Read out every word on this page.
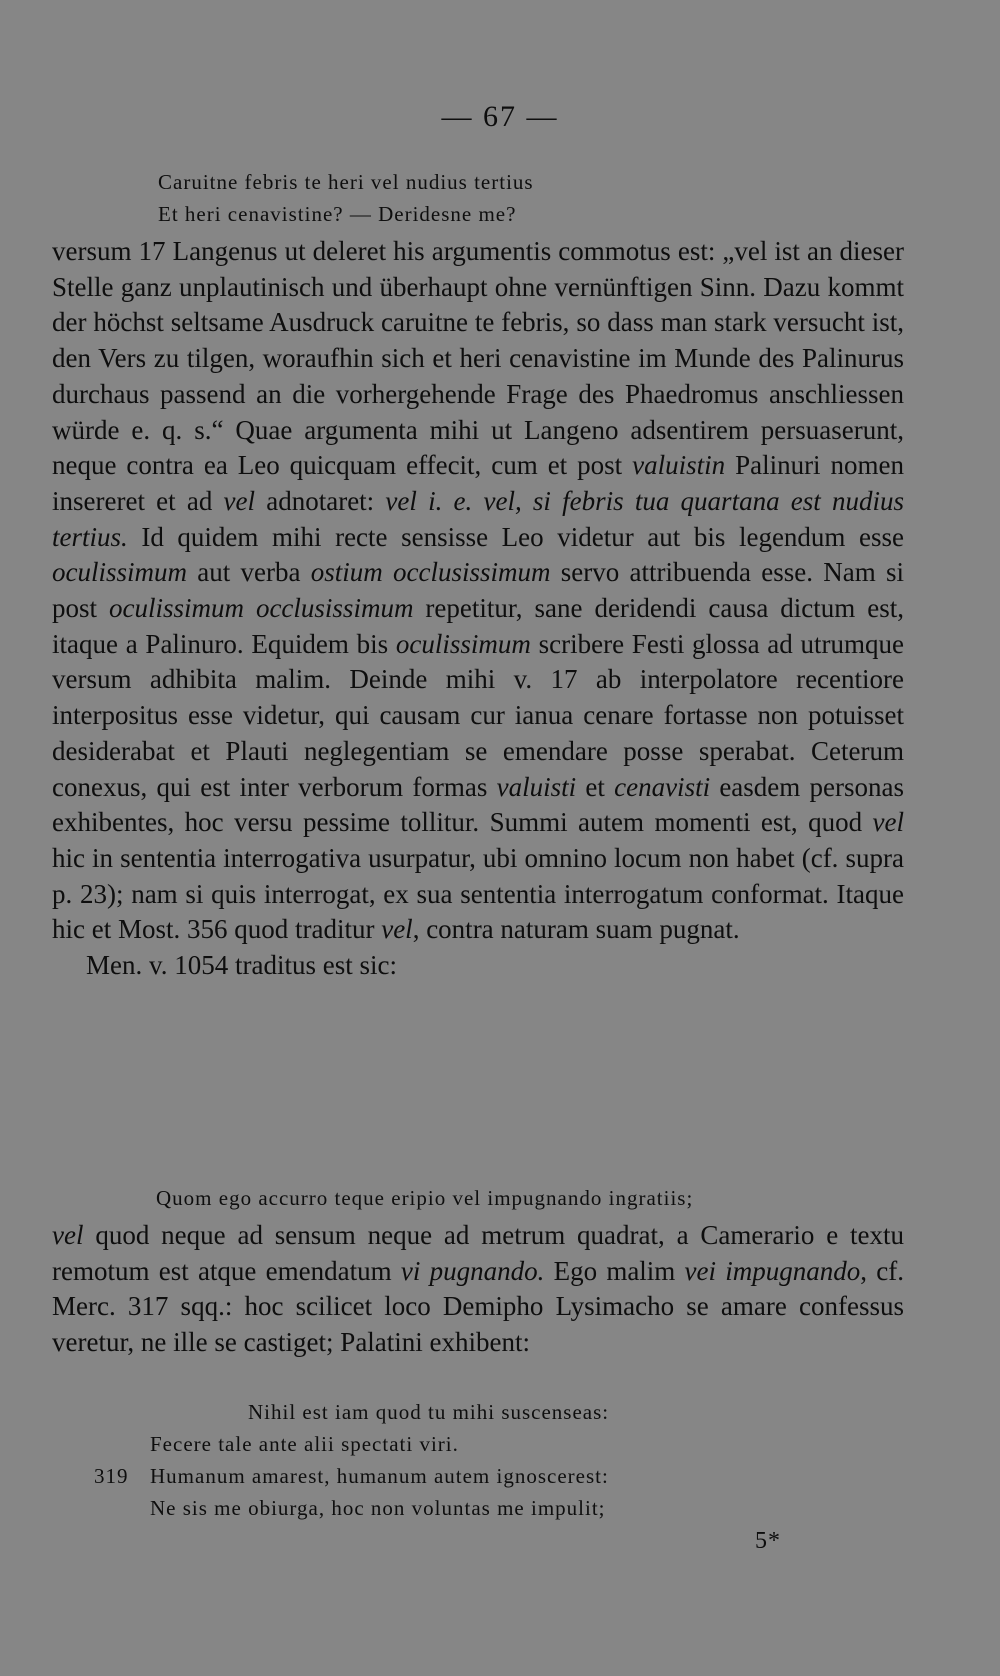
— 67 —
Caruitne febris te heri vel nudius tertius
Et heri cenavistine? — Deridesne me?

versum 17 Langenus ut deleret his argumentis commotus est: „vel ist an dieser Stelle ganz unplautinisch und überhaupt ohne vernünftigen Sinn. Dazu kommt der höchst seltsame Ausdruck caruitne te febris, so dass man stark versucht ist, den Vers zu tilgen, woraufhin sich et heri cenavistine im Munde des Palinurus durchaus passend an die vorhergehende Frage des Phaedromus anschliessen würde e. q. s.“ Quae argumenta mihi ut Langeno adsentirem persuaserunt, neque contra ea Leo quicquam effecit, cum et post valuistin Palinuri nomen insereret et ad vel adnotaret: vel i. e. vel, si febris tua quartana est nudius tertius. Id quidem mihi recte sensisse Leo videtur aut bis legendum esse oculissimum aut verba ostium occlusissimum servo attribuenda esse. Nam si post oculissimum occlusissimum repetitur, sane deridendi causa dictum est, itaque a Palinuro. Equidem bis oculissimum scribere Festi glossa ad utrumque versum adhibita malim. Deinde mihi v. 17 ab interpolatore recentiore interpositus esse videtur, qui causam cur ianua cenare fortasse non potuisset desiderabat et Plauti neglegentiam se emendare posse sperabat. Ceterum conexus, qui est inter verborum formas valuisti et cenavisti easdem personas exhibentes, hoc versu pessime tollitur. Summi autem momenti est, quod vel hic in sententia interrogativa usurpatur, ubi omnino locum non habet (cf. supra p. 23); nam si quis interrogat, ex sua sententia interrogatum conformat. Itaque hic et Most. 356 quod traditur vel, contra naturam suam pugnat.

Men. v. 1054 traditus est sic:

Quom ego accurro teque eripio vel impugnando ingratiis;

vel quod neque ad sensum neque ad metrum quadrat, a Camerario e textu remotum est atque emendatum vi pugnando. Ego malim vei impugnando, cf. Merc. 317 sqq.: hoc scilicet loco Demipho Lysimacho se amare confessus veretur, ne ille se castiget; Palatini exhibent:

Nihil est iam quod tu mihi suscenseas:
Fecere tale ante alii spectati viri.
319 Humanum amarest, humanum autem ignoscerest:
Ne sis me obiurga, hoc non voluntas me impulit;
5*
